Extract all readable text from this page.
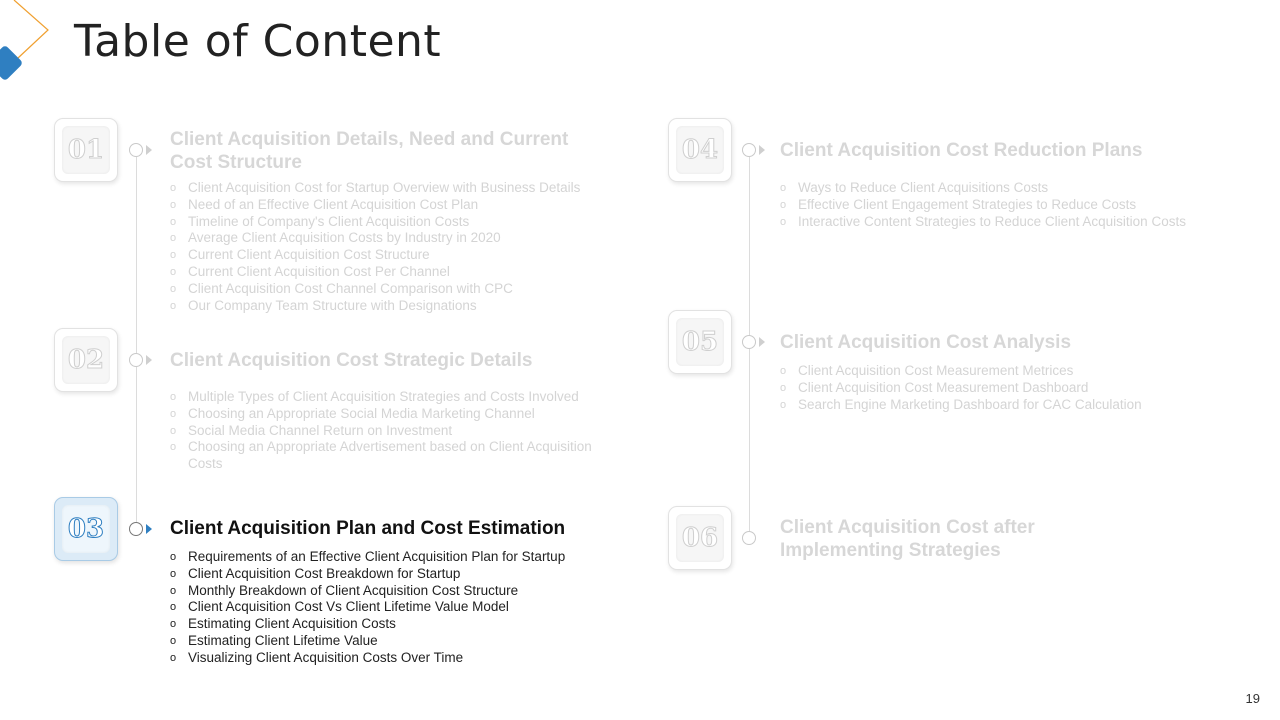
Table of Content
01	Client Acquisition Details, Need and Current Cost Structure
o Client Acquisition Cost for Startup Overview with Business Details
o Need of an Effective Client Acquisition Cost Plan
o Timeline of Company's Client Acquisition Costs
o Average Client Acquisition Costs by Industry in 2020
o Current Client Acquisition Cost Structure
o Current Client Acquisition Cost Per Channel
o Client Acquisition Cost Channel Comparison with CPC
o Our Company Team Structure with Designations
02	Client Acquisition Cost Strategic Details
o Multiple Types of Client Acquisition Strategies and Costs Involved
o Choosing an Appropriate Social Media Marketing Channel
o Social Media Channel Return on Investment
o Choosing an Appropriate Advertisement based on Client Acquisition Costs
03	Client Acquisition Plan and Cost Estimation
o Requirements of an Effective Client Acquisition Plan for Startup
o Client Acquisition Cost Breakdown for Startup
o Monthly Breakdown of Client Acquisition Cost Structure
o Client Acquisition Cost Vs Client Lifetime Value Model
o Estimating Client Acquisition Costs
o Estimating Client Lifetime Value
o Visualizing Client Acquisition Costs Over Time
04	Client Acquisition Cost Reduction Plans
o Ways to Reduce Client Acquisitions Costs
o Effective Client Engagement Strategies to Reduce Costs
o Interactive Content Strategies to Reduce Client Acquisition Costs
05	Client Acquisition Cost Analysis
o Client Acquisition Cost Measurement Metrices
o Client Acquisition Cost Measurement Dashboard
o Search Engine Marketing Dashboard for CAC Calculation
06	Client Acquisition Cost after Implementing Strategies
19
